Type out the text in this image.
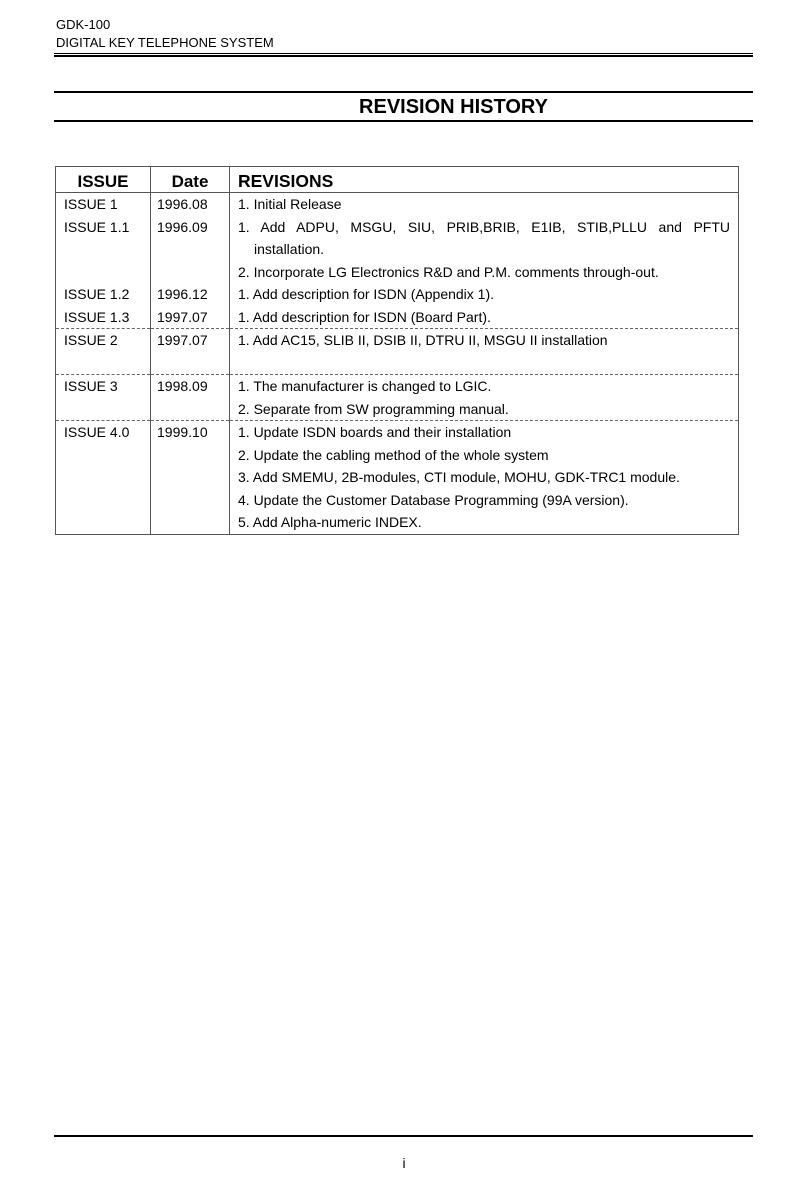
GDK-100
DIGITAL KEY TELEPHONE SYSTEM
REVISION HISTORY
ISSUE	Date	REVISIONS

ISSUE 1	1996.08	1. Initial Release

ISSUE 1.1	1996.09	1. Add ADPU, MSGU, SIU, PRIB,BRIB, E1IB, STIB,PLLU and PFTU
installation.
2. Incorporate LG Electronics R&D and P.M. comments through-out.

ISSUE 1.2	1996.12	1. Add description for ISDN (Appendix 1).

ISSUE 1.3	1997.07	1. Add description for ISDN (Board Part).

ISSUE 2	1997.07	1. Add AC15, SLIB II, DSIB II, DTRU II, MSGU II installation

ISSUE 3	1998.09	1. The manufacturer is changed to LGIC.
2. Separate from SW programming manual.

ISSUE 4.0	1999.10	1. Update ISDN boards and their installation
2. Update the cabling method of the whole system
3. Add SMEMU, 2B-modules, CTI module, MOHU, GDK-TRC1 module.
4. Update the Customer Database Programming (99A version).
5. Add Alpha-numeric INDEX.
i
